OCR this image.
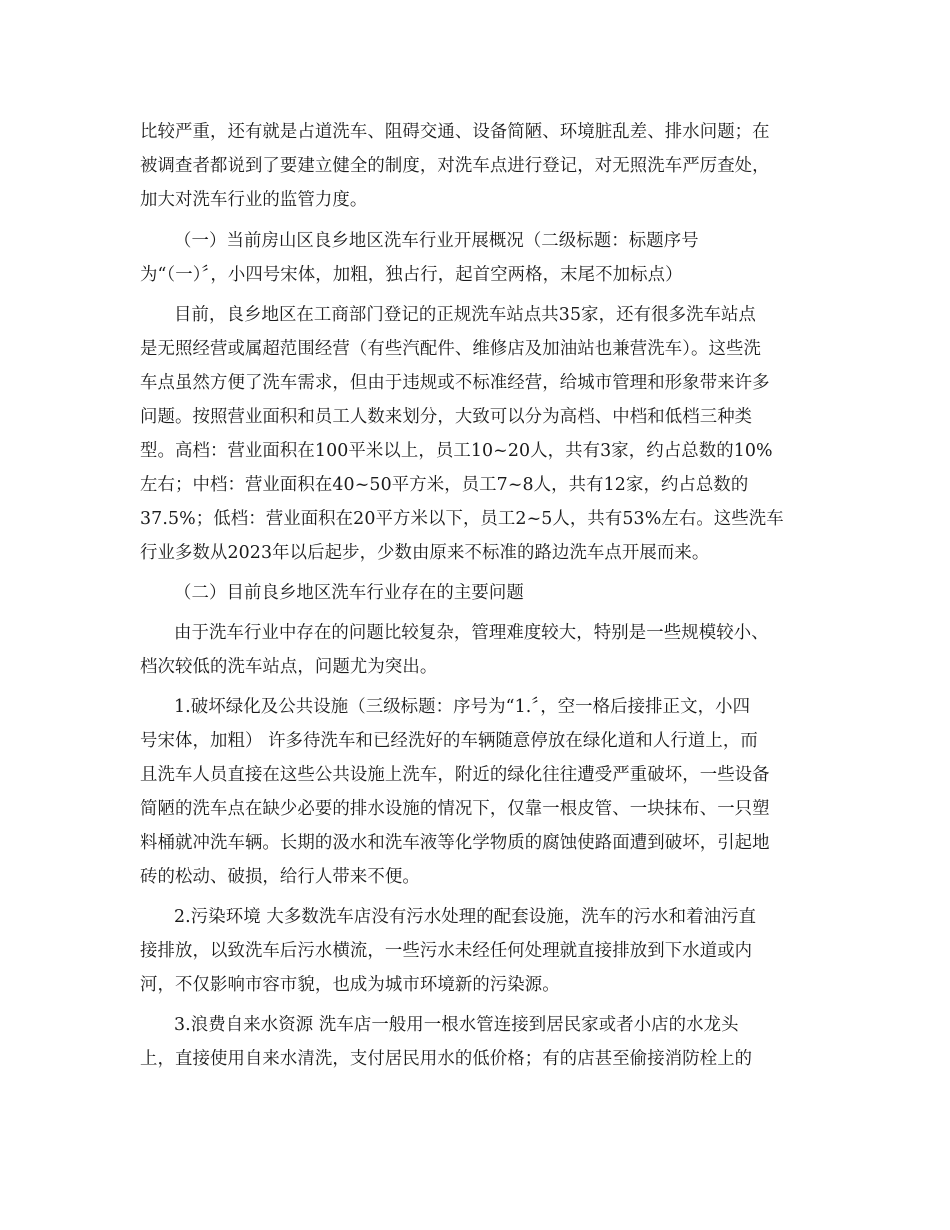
比较严重，还有就是占道洗车、阻碍交通、设备简陋、环境脏乱差、排水问题；在
被调查者都说到了要建立健全的制度，对洗车点进行登记，对无照洗车严厉查处，
加大对洗车行业的监管力度。
（一）当前房山区良乡地区洗车行业开展概况（二级标题：标题序号
为“（一）〞，小四号宋体，加粗，独占行，起首空两格，末尾不加标点）
目前，良乡地区在工商部门登记的正规洗车站点共35家，还有很多洗车站点
是无照经营或属超范围经营（有些汽配件、维修店及加油站也兼营洗车）。这些洗
车点虽然方便了洗车需求，但由于违规或不标准经营，给城市管理和形象带来许多
问题。按照营业面积和员工人数来划分，大致可以分为高档、中档和低档三种类
型。高档：营业面积在100平米以上，员工10~20人，共有3家，约占总数的10%
左右；中档：营业面积在40~50平方米，员工7~8人，共有12家，约占总数的
37.5%；低档：营业面积在20平方米以下，员工2~5人，共有53%左右。这些洗车
行业多数从2023年以后起步，少数由原来不标准的路边洗车点开展而来。
（二）目前良乡地区洗车行业存在的主要问题
由于洗车行业中存在的问题比较复杂，管理难度较大，特别是一些规模较小、
档次较低的洗车站点，问题尤为突出。
1.破坏绿化及公共设施（三级标题：序号为“1.〞，空一格后接排正文，小四
号宋体，加粗） 许多待洗车和已经洗好的车辆随意停放在绿化道和人行道上，而
且洗车人员直接在这些公共设施上洗车，附近的绿化往往遭受严重破坏，一些设备
简陋的洗车点在缺少必要的排水设施的情况下，仅靠一根皮管、一块抹布、一只塑
料桶就冲洗车辆。长期的汲水和洗车液等化学物质的腐蚀使路面遭到破坏，引起地
砖的松动、破损，给行人带来不便。
2.污染环境 大多数洗车店没有污水处理的配套设施，洗车的污水和着油污直
接排放，以致洗车后污水横流，一些污水未经任何处理就直接排放到下水道或内
河，不仅影响市容市貌，也成为城市环境新的污染源。
3.浪费自来水资源 洗车店一般用一根水管连接到居民家或者小店的水龙头
上，直接使用自来水清洗，支付居民用水的低价格；有的店甚至偷接消防栓上的
